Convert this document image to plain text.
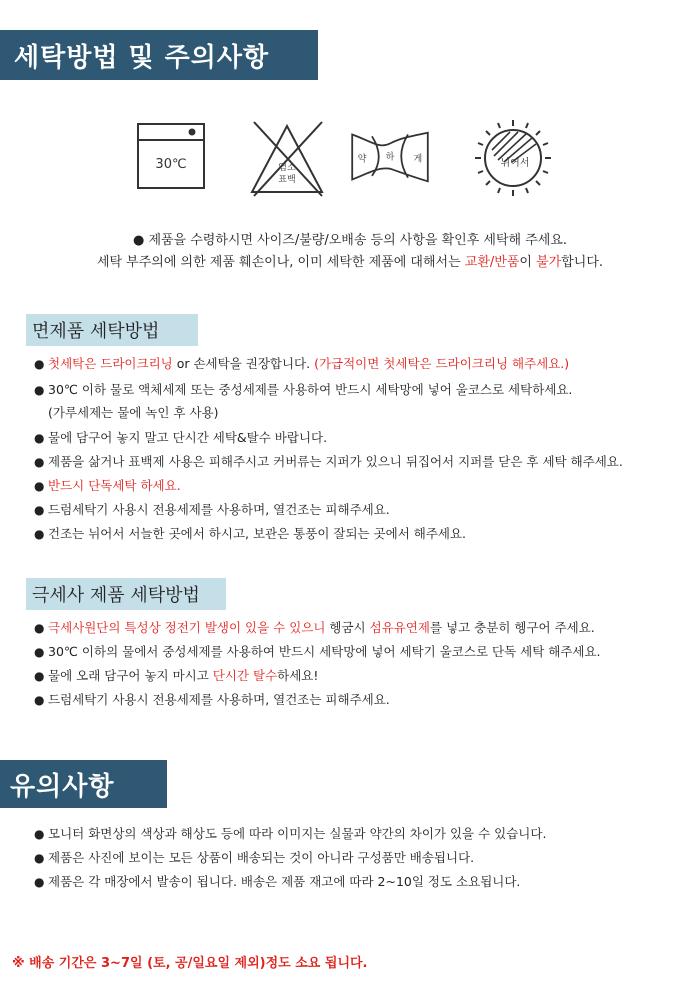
세탁방법 및 주의사항
30℃	염소
표백
약 하 게	뉘어서
● 제품을 수령하시면 사이즈/불량/오배송 등의 사항을 확인후 세탁해 주세요.
세탁 부주의에 의한 제품 훼손이나, 이미 세탁한 제품에 대해서는 교환/반품이 불가합니다.
면제품 세탁방법
● 첫세탁은 드라이크리닝 or 손세탁을 권장합니다. (가급적이면 첫세탁은 드라이크리닝 해주세요.)
● 30℃ 이하 물로 액체세제 또는 중성세제를 사용하여 반드시 세탁망에 넣어 울코스로 세탁하세요.
(가루세제는 물에 녹인 후 사용)
● 물에 담구어 놓지 말고 단시간 세탁&탈수 바랍니다.
● 제품을 삶거나 표백제 사용은 피해주시고 커버류는 지퍼가 있으니 뒤집어서 지퍼를 닫은 후 세탁 해주세요.
● 반드시 단독세탁 하세요.
● 드럼세탁기 사용시 전용세제를 사용하며, 열건조는 피해주세요.
● 건조는 뉘어서 서늘한 곳에서 하시고, 보관은 통풍이 잘되는 곳에서 해주세요.
극세사 제품 세탁방법
● 극세사원단의 특성상 정전기 발생이 있을 수 있으니 헹굼시 섬유유연제를 넣고 충분히 헹구어 주세요.
● 30℃ 이하의 물에서 중성세제를 사용하여 반드시 세탁망에 넣어 세탁기 울코스로 단독 세탁 해주세요.
● 물에 오래 담구어 놓지 마시고 단시간 탈수하세요!
● 드럼세탁기 사용시 전용세제를 사용하며, 열건조는 피해주세요.
유의사항
● 모니터 화면상의 색상과 해상도 등에 따라 이미지는 실물과 약간의 차이가 있을 수 있습니다.
● 제품은 사진에 보이는 모든 상품이 배송되는 것이 아니라 구성품만 배송됩니다.
● 제품은 각 매장에서 발송이 됩니다. 배송은 제품 재고에 따라 2~10일 정도 소요됩니다.
※ 배송 기간은 3~7일 (토, 공/일요일 제외)정도 소요 됩니다.
